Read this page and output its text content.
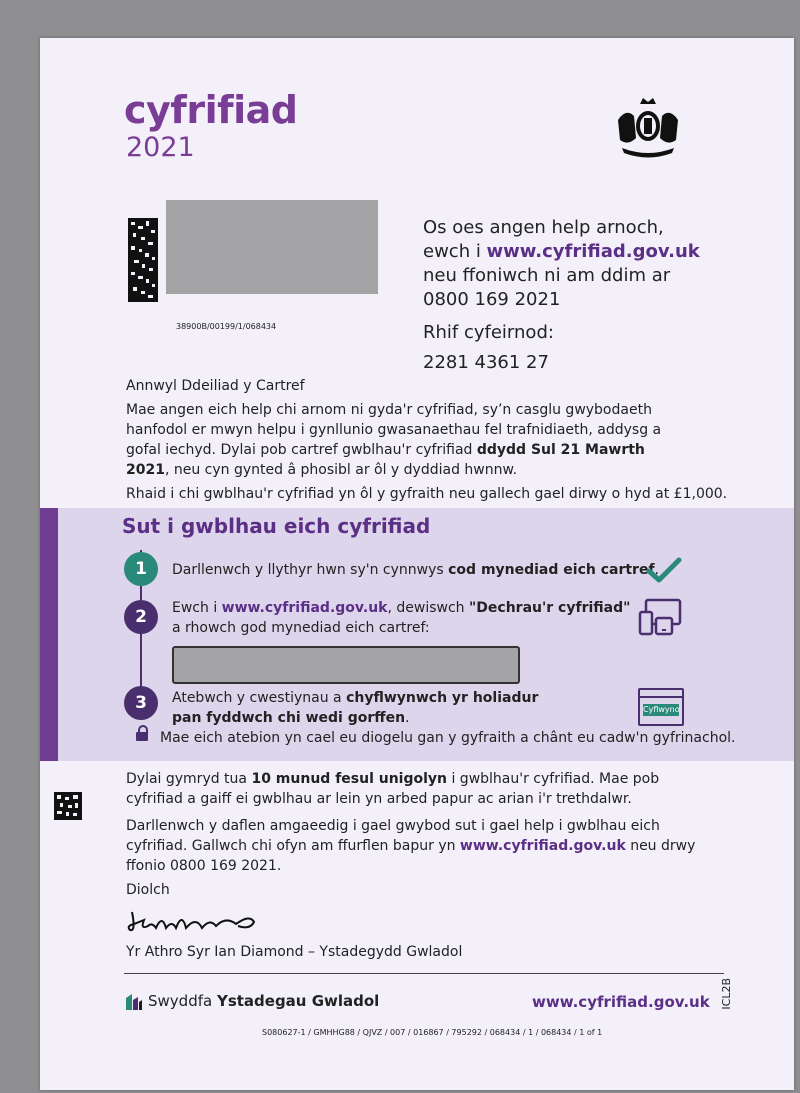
cyfrifiad
2021
38900B/00199/1/068434
Os oes angen help arnoch,
ewch i www.cyfrifiad.gov.uk
neu ffoniwch ni am ddim ar
0800 169 2021
Rhif cyfeirnod:
2281 4361 27
Annwyl Ddeiliad y Cartref
Mae angen eich help chi arnom ni gyda'r cyfrifiad, sy’n casglu gwybodaeth hanfodol er mwyn helpu i gynllunio gwasanaethau fel trafnidiaeth, addysg a gofal iechyd. Dylai pob cartref gwblhau'r cyfrifiad ddydd Sul 21 Mawrth 2021, neu cyn gynted â phosibl ar ôl y dyddiad hwnnw.
Rhaid i chi gwblhau'r cyfrifiad yn ôl y gyfraith neu gallech gael dirwy o hyd at £1,000.
Sut i gwblhau eich cyfrifiad
1	Darllenwch y llythyr hwn sy'n cynnwys cod mynediad eich cartref.
2	Ewch i www.cyfrifiad.gov.uk, dewiswch "Dechrau'r cyfrifiad"
a rhowch god mynediad eich cartref:
3	Atebwch y cwestiynau a chyflwynwch yr holiadur pan fyddwch chi wedi gorffen.
Cyflwyno
Mae eich atebion yn cael eu diogelu gan y gyfraith a chânt eu cadw'n gyfrinachol.
Dylai gymryd tua 10 munud fesul unigolyn i gwblhau'r cyfrifiad. Mae pob cyfrifiad a gaiff ei gwblhau ar lein yn arbed papur ac arian i'r trethdalwr.
Darllenwch y daflen amgaeedig i gael gwybod sut i gael help i gwblhau eich cyfrifiad. Gallwch chi ofyn am ffurflen bapur yn www.cyfrifiad.gov.uk neu drwy ffonio 0800 169 2021.
Diolch
Yr Athro Syr Ian Diamond – Ystadegydd Gwladol
Swyddfa Ystadegau Gwladol	www.cyfrifiad.gov.uk ICL2B
S080627-1 / GMHHG88 / QJVZ / 007 / 016867 / 795292 / 068434 / 1 / 068434 / 1 of 1
